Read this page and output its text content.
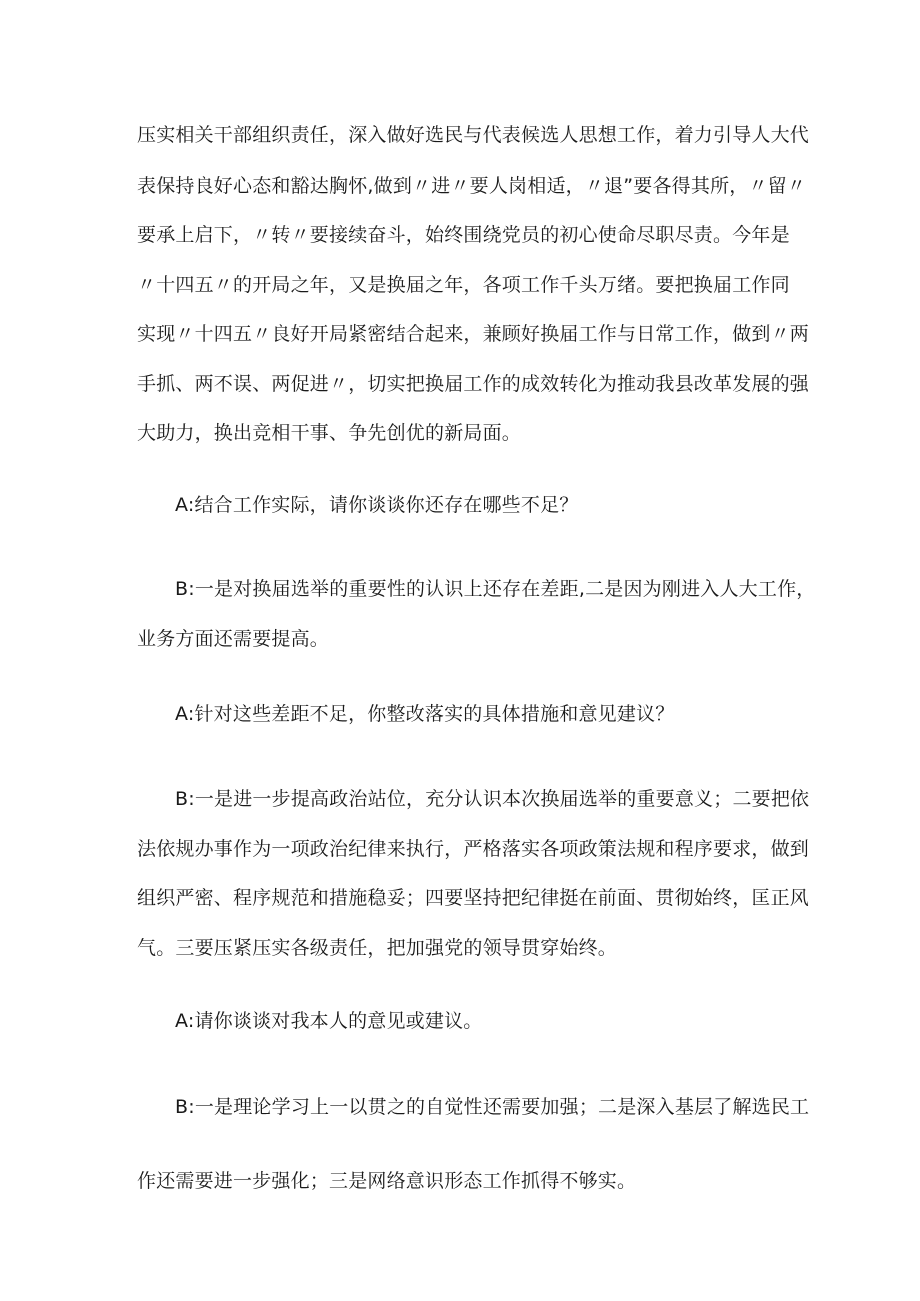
压实相关干部组织责任，深入做好选民与代表候选人思想工作，着力引导人大代
表保持良好心态和豁达胸怀,做到〃进〃要人岗相适，〃退”要各得其所，〃留〃
要承上启下，〃转〃要接续奋斗，始终围绕党员的初心使命尽职尽责。今年是
〃十四五〃的开局之年，又是换届之年，各项工作千头万绪。要把换届工作同
实现〃十四五〃良好开局紧密结合起来，兼顾好换届工作与日常工作，做到〃两
手抓、两不误、两促进〃，切实把换届工作的成效转化为推动我县改革发展的强
大助力，换出竞相干事、争先创优的新局面。
A:结合工作实际，请你谈谈你还存在哪些不足？
B:一是对换届选举的重要性的认识上还存在差距,二是因为刚进入人大工作，
业务方面还需要提高。
A:针对这些差距不足，你整改落实的具体措施和意见建议？
B:一是进一步提高政治站位，充分认识本次换届选举的重要意义；二要把依
法依规办事作为一项政治纪律来执行，严格落实各项政策法规和程序要求，做到
组织严密、程序规范和措施稳妥；四要坚持把纪律挺在前面、贯彻始终，匡正风
气。三要压紧压实各级责任，把加强党的领导贯穿始终。
A:请你谈谈对我本人的意见或建议。
B:一是理论学习上一以贯之的自觉性还需要加强；二是深入基层了解选民工
作还需要进一步强化；三是网络意识形态工作抓得不够实。
